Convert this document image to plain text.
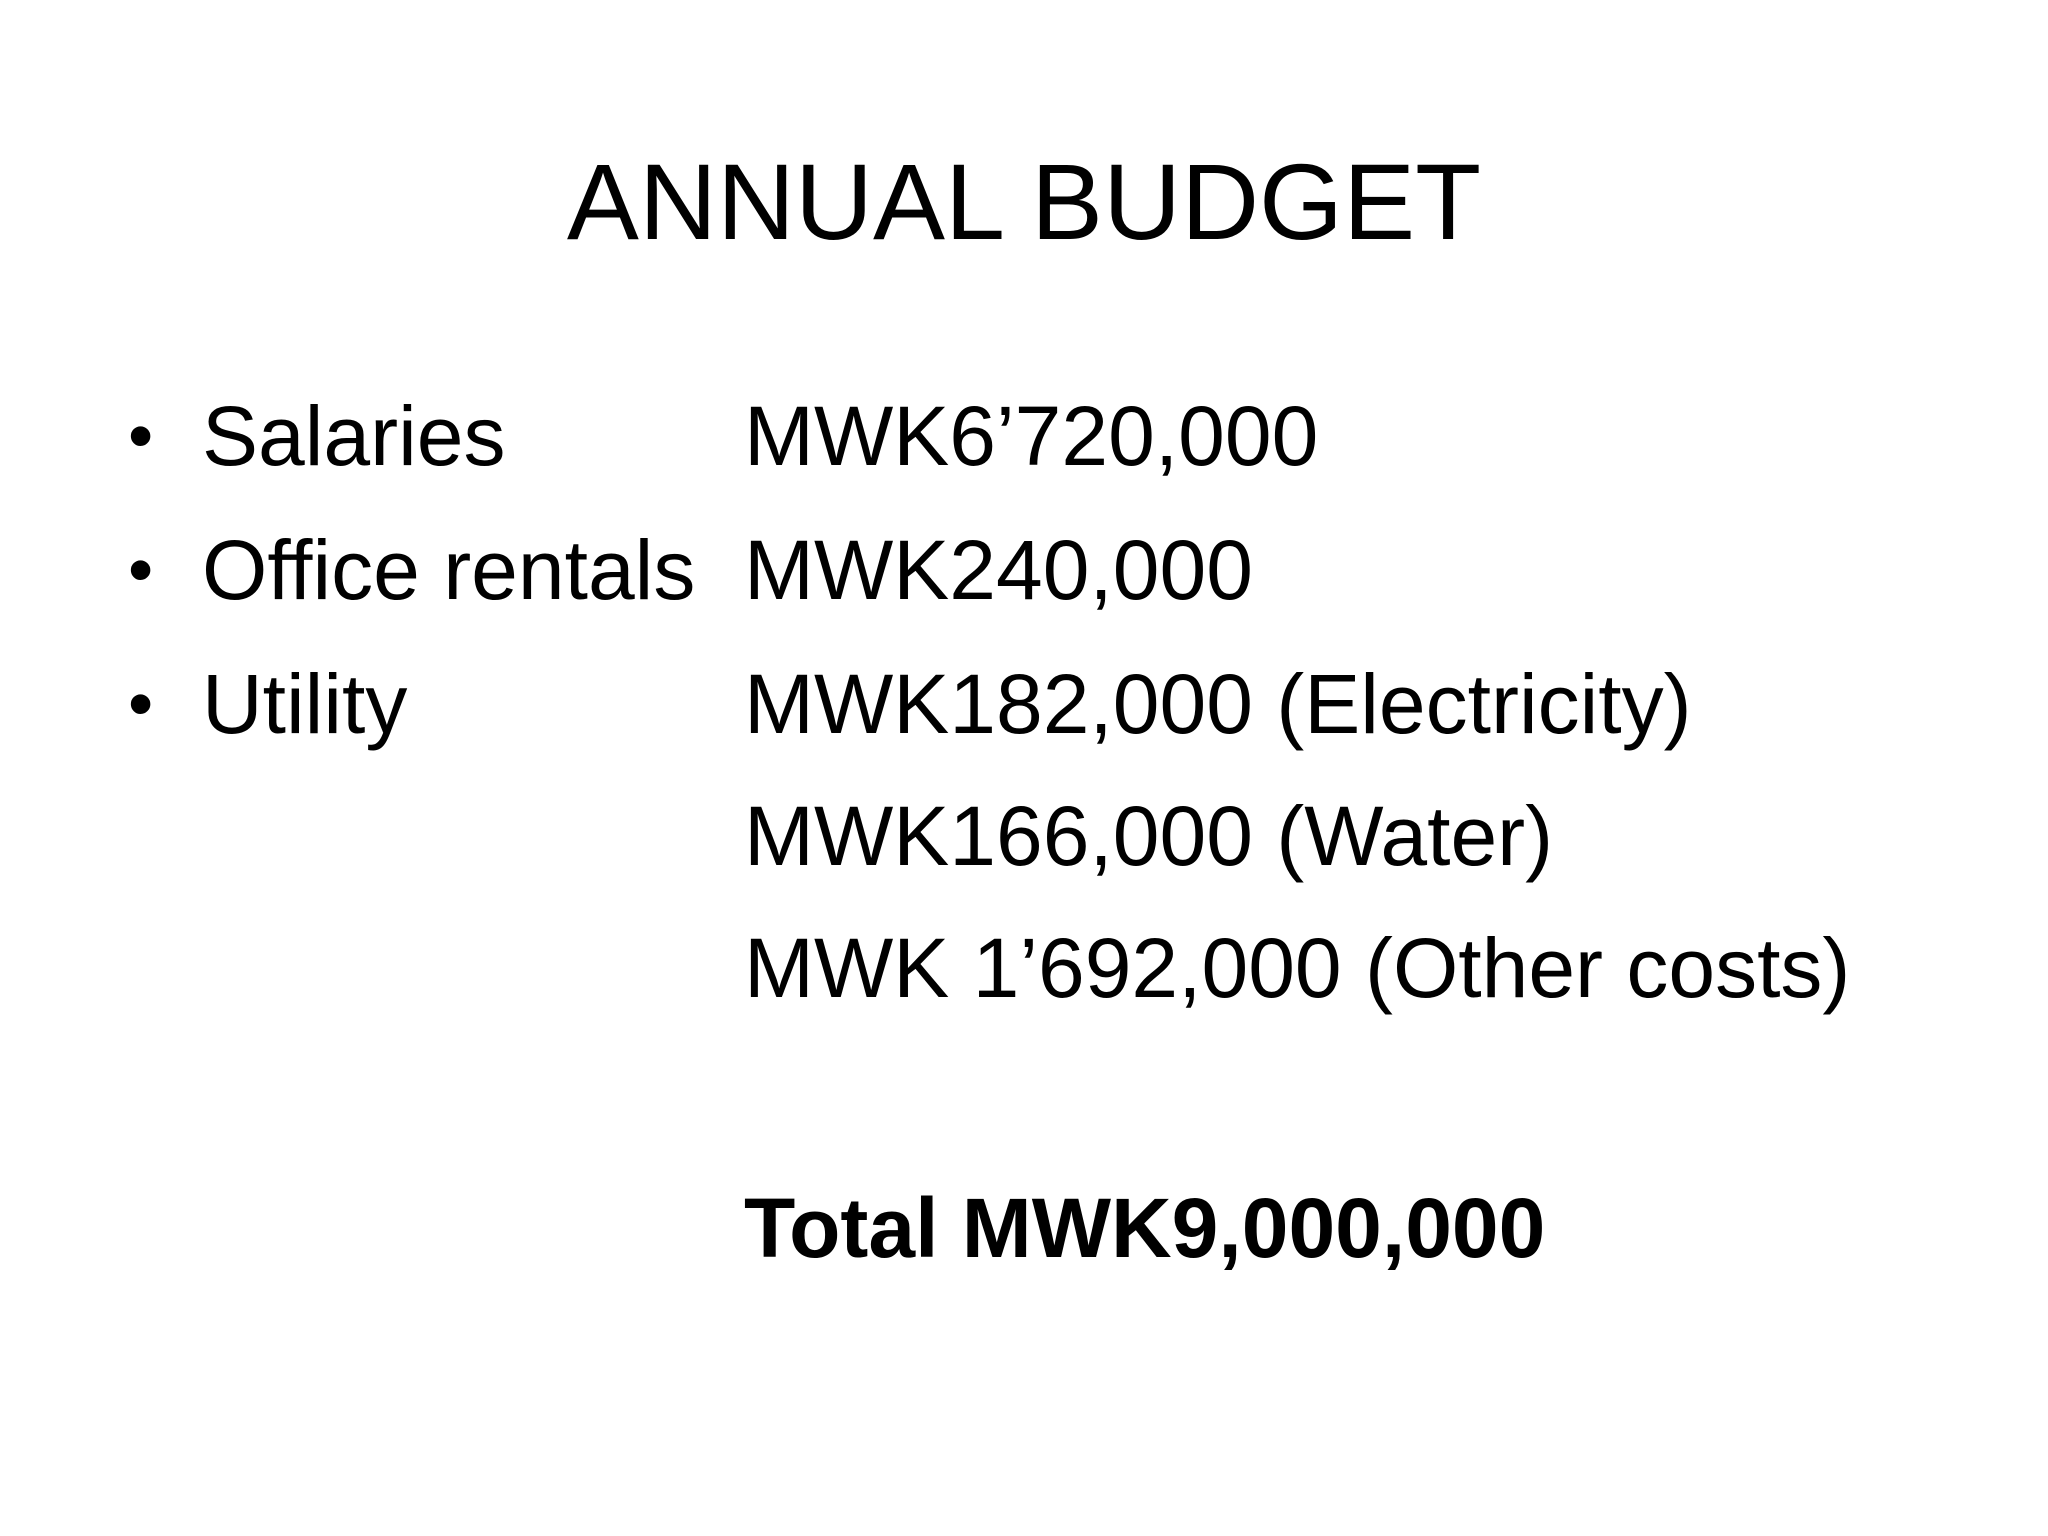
ANNUAL BUDGET
• Salaries	MWK6’720,000
• Office rentals MWK240,000
• Utility	MWK182,000 (Electricity)
MWK166,000 (Water)
MWK 1’692,000 (Other costs)
Total MWK9,000,000
